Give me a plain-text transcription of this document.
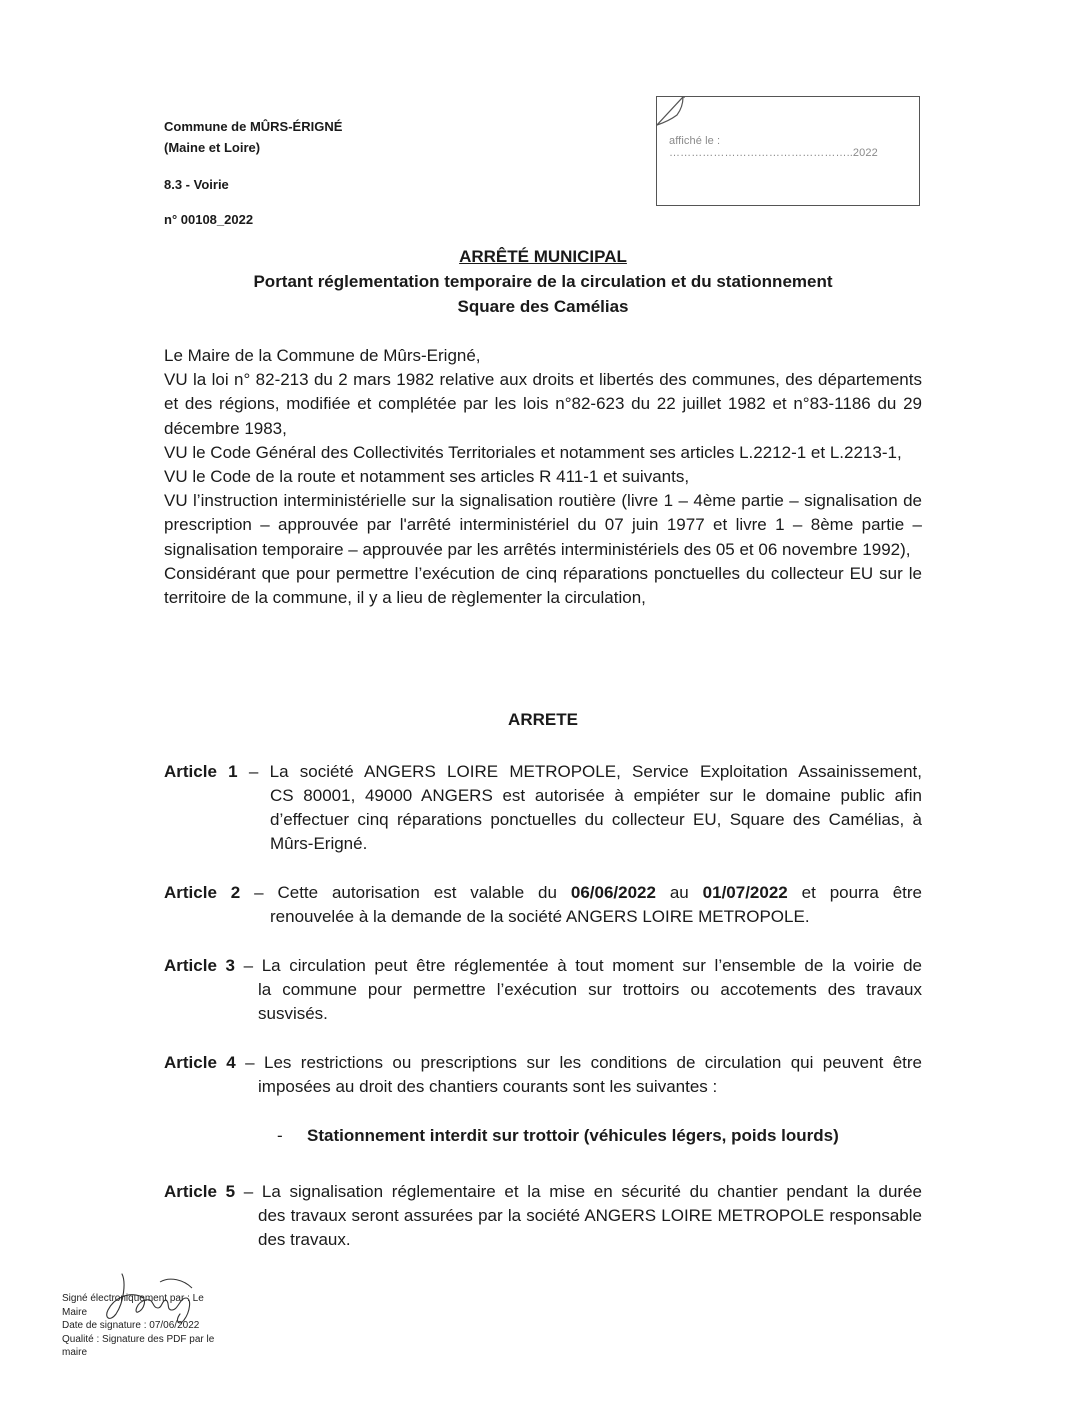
Commune de MÛRS-ÉRIGNÉ
(Maine et Loire)
8.3 - Voirie
n° 00108_2022
affiché le : …………………………………………..2022
ARRÊTÉ MUNICIPAL
Portant réglementation temporaire de la circulation et du stationnement
Square des Camélias

Le Maire de la Commune de Mûrs-Erigné,

VU la loi n° 82-213 du 2 mars 1982 relative aux droits et libertés des communes, des départements et des régions, modifiée et complétée par les lois n°82-623 du 22 juillet 1982 et n°83-1186 du 29 décembre 1983,

VU le Code Général des Collectivités Territoriales et notamment ses articles L.2212-1 et L.2213-1,

VU le Code de la route et notamment ses articles R 411-1 et suivants,

VU l’instruction interministérielle sur la signalisation routière (livre 1 – 4ème partie – signalisation de prescription – approuvée par l'arrêté interministériel du 07 juin 1977 et livre 1 – 8ème partie – signalisation temporaire – approuvée par les arrêtés interministériels des 05 et 06 novembre 1992),

Considérant que pour permettre l’exécution de cinq réparations ponctuelles du collecteur EU sur le territoire de la commune, il y a lieu de règlementer la circulation,

ARRETE
Article 1 – La société ANGERS LOIRE METROPOLE, Service Exploitation Assainissement,
CS 80001, 49000 ANGERS est autorisée à empiéter sur le domaine public afin d’effectuer cinq réparations ponctuelles du collecteur EU, Square des Camélias, à Mûrs-Erigné.
Article 2 – Cette autorisation est valable du 06/06/2022 au 01/07/2022 et pourra être
renouvelée à la demande de la société ANGERS LOIRE METROPOLE.
Article 3 – La circulation peut être réglementée à tout moment sur l’ensemble de la voirie de
la commune pour permettre l’exécution sur trottoirs ou accotements des travaux susvisés.
Article 4 – Les restrictions ou prescriptions sur les conditions de circulation qui peuvent être
imposées au droit des chantiers courants sont les suivantes :
- Stationnement interdit sur trottoir (véhicules légers, poids lourds)
Article 5 – La signalisation réglementaire et la mise en sécurité du chantier pendant la durée
des travaux seront assurées par la société ANGERS LOIRE METROPOLE responsable des travaux.
Signé électroniquement par : Le
Maire
Date de signature : 07/06/2022
Qualité : Signature des PDF par le
maire
